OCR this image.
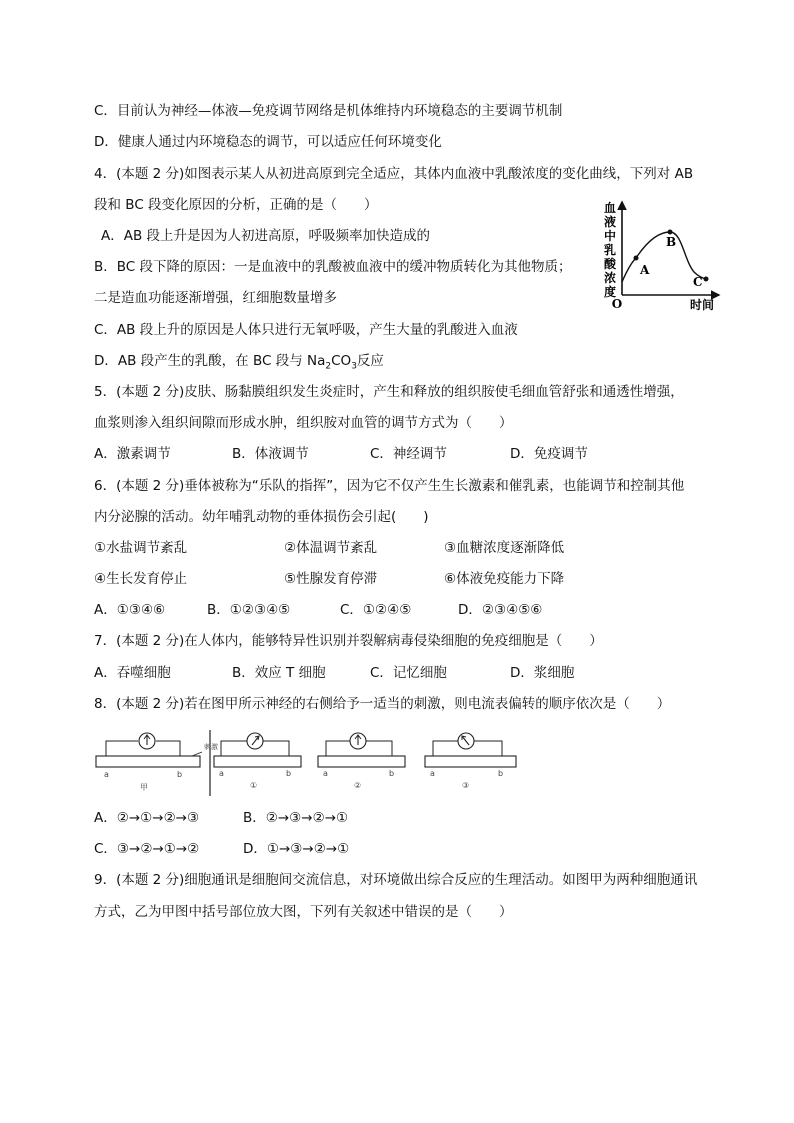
C．目前认为神经—体液—免疫调节网络是机体维持内环境稳态的主要调节机制
D．健康人通过内环境稳态的调节，可以适应任何环境变化
4．(本题 2 分)如图表示某人从初进高原到完全适应，其体内血液中乳酸浓度的变化曲线，下列对 AB
段和 BC 段变化原因的分析，正确的是（　　）	血
液
中
乳
酸
浓
度
O	时间
A
B
C
A．AB 段上升是因为人初进高原，呼吸频率加快造成的
B．BC 段下降的原因：一是血液中的乳酸被血液中的缓冲物质转化为其他物质；
二是造血功能逐渐增强，红细胞数量增多
C．AB 段上升的原因是人体只进行无氧呼吸，产生大量的乳酸进入血液
D．AB 段产生的乳酸，在 BC 段与 $Na_2CO_3$反应
5．(本题 2 分)皮肤、肠黏膜组织发生炎症时，产生和释放的组织胺使毛细血管舒张和通透性增强，
血浆则渗入组织间隙而形成水肿，组织胺对血管的调节方式为（　　）
A．激素调节	B．体液调节	C．神经调节	D．免疫调节
6．(本题 2 分)垂体被称为“乐队的指挥”，因为它不仅产生生长激素和催乳素，也能调节和控制其他
内分泌腺的活动。幼年哺乳动物的垂体损伤会引起(　　)
①水盐调节紊乱	②体温调节紊乱	③血糖浓度逐渐降低
④生长发育停止	⑤性腺发育停滞	⑥体液免疫能力下降
A．①③④⑥	B．①②③④⑤	C．①②④⑤	D．②③④⑤⑥
7．(本题 2 分)在人体内，能够特异性识别并裂解病毒侵染细胞的免疫细胞是（　　）
A．吞噬细胞	B．效应 T 细胞	C．记忆细胞	D．浆细胞
8．(本题 2 分)若在图甲所示神经的右侧给予一适当的刺激，则电流表偏转的顺序依次是（　　）
a	b
甲
刺激
a	b
①
a	b
②
a	b
③
A．②→①→②→③	B．②→③→②→①
C．③→②→①→②	D．①→③→②→①
9．(本题 2 分)细胞通讯是细胞间交流信息，对环境做出综合反应的生理活动。如图甲为两种细胞通讯
方式，乙为甲图中括号部位放大图，下列有关叙述中错误的是（　　）
